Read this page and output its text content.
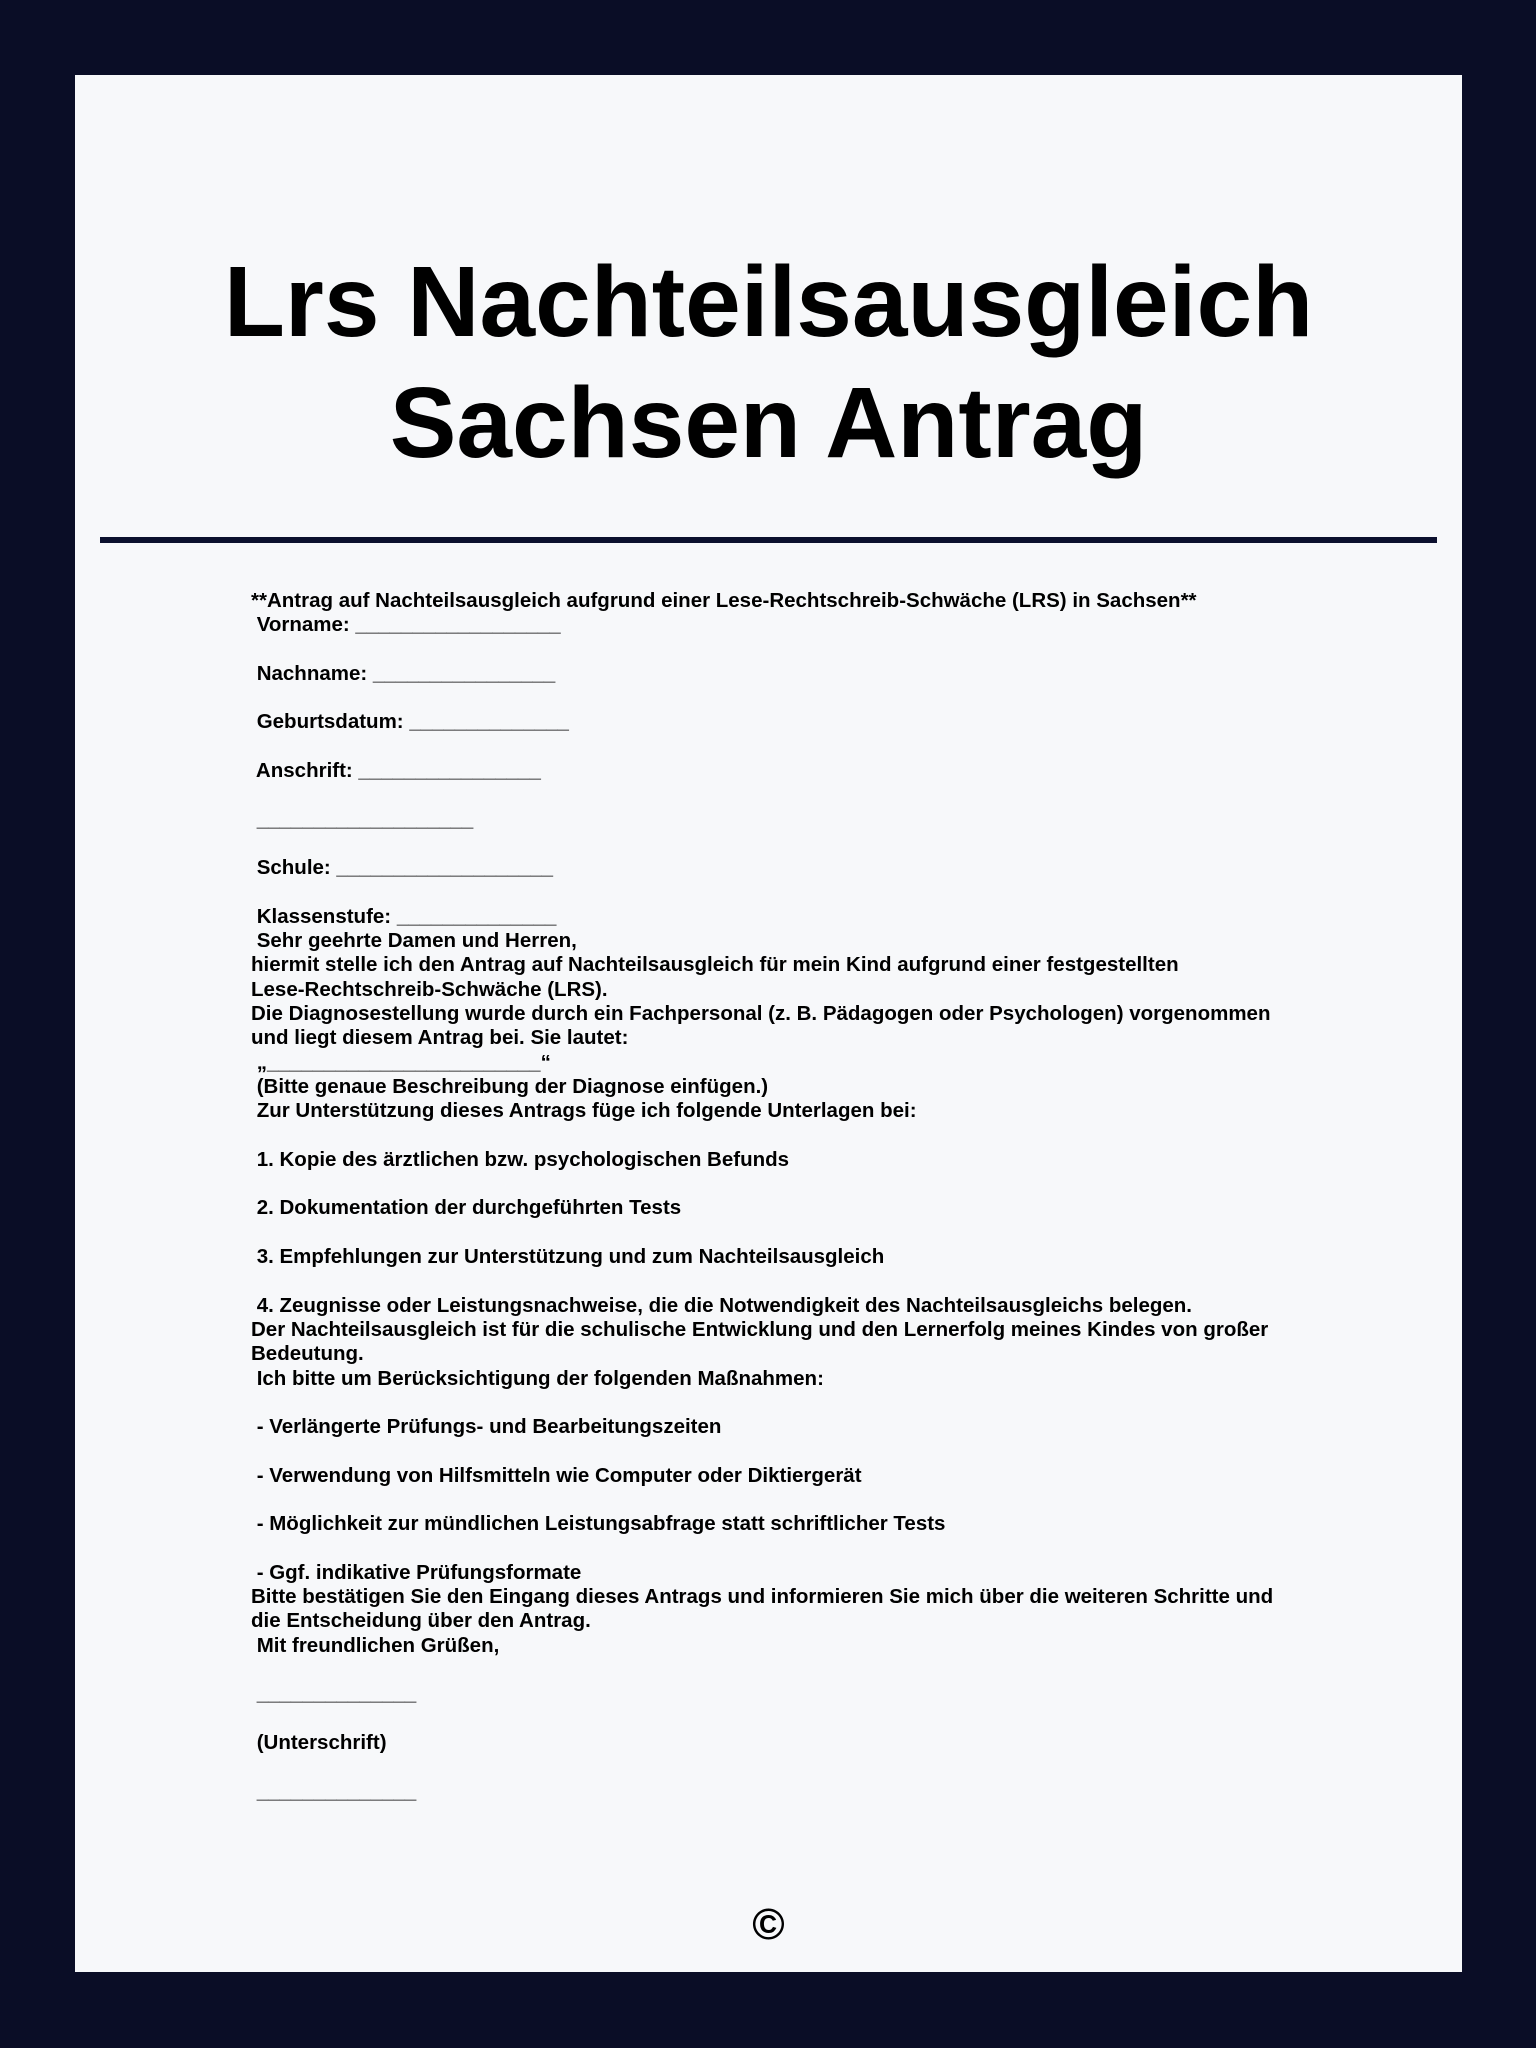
Lrs Nachteilsausgleich
Sachsen Antrag
**Antrag auf Nachteilsausgleich aufgrund einer Lese-Rechtschreib-Schwäche (LRS) in Sachsen**
Vorname: __________________
Nachname: ________________
Geburtsdatum: ______________
Anschrift: ________________
___________________
Schule: ___________________
Klassenstufe: ______________
Sehr geehrte Damen und Herren,
hiermit stelle ich den Antrag auf Nachteilsausgleich für mein Kind aufgrund einer festgestellten
Lese-Rechtschreib-Schwäche (LRS).
Die Diagnosestellung wurde durch ein Fachpersonal (z. B. Pädagogen oder Psychologen) vorgenommen
und liegt diesem Antrag bei. Sie lautet:
„________________________“
(Bitte genaue Beschreibung der Diagnose einfügen.)
Zur Unterstützung dieses Antrags füge ich folgende Unterlagen bei:
1. Kopie des ärztlichen bzw. psychologischen Befunds
2. Dokumentation der durchgeführten Tests
3. Empfehlungen zur Unterstützung und zum Nachteilsausgleich
4. Zeugnisse oder Leistungsnachweise, die die Notwendigkeit des Nachteilsausgleichs belegen.
Der Nachteilsausgleich ist für die schulische Entwicklung und den Lernerfolg meines Kindes von großer
Bedeutung.
Ich bitte um Berücksichtigung der folgenden Maßnahmen:
- Verlängerte Prüfungs- und Bearbeitungszeiten
- Verwendung von Hilfsmitteln wie Computer oder Diktiergerät
- Möglichkeit zur mündlichen Leistungsabfrage statt schriftlicher Tests
- Ggf. indikative Prüfungsformate
Bitte bestätigen Sie den Eingang dieses Antrags und informieren Sie mich über die weiteren Schritte und
die Entscheidung über den Antrag.
Mit freundlichen Grüßen,
______________
(Unterschrift)
______________
©
